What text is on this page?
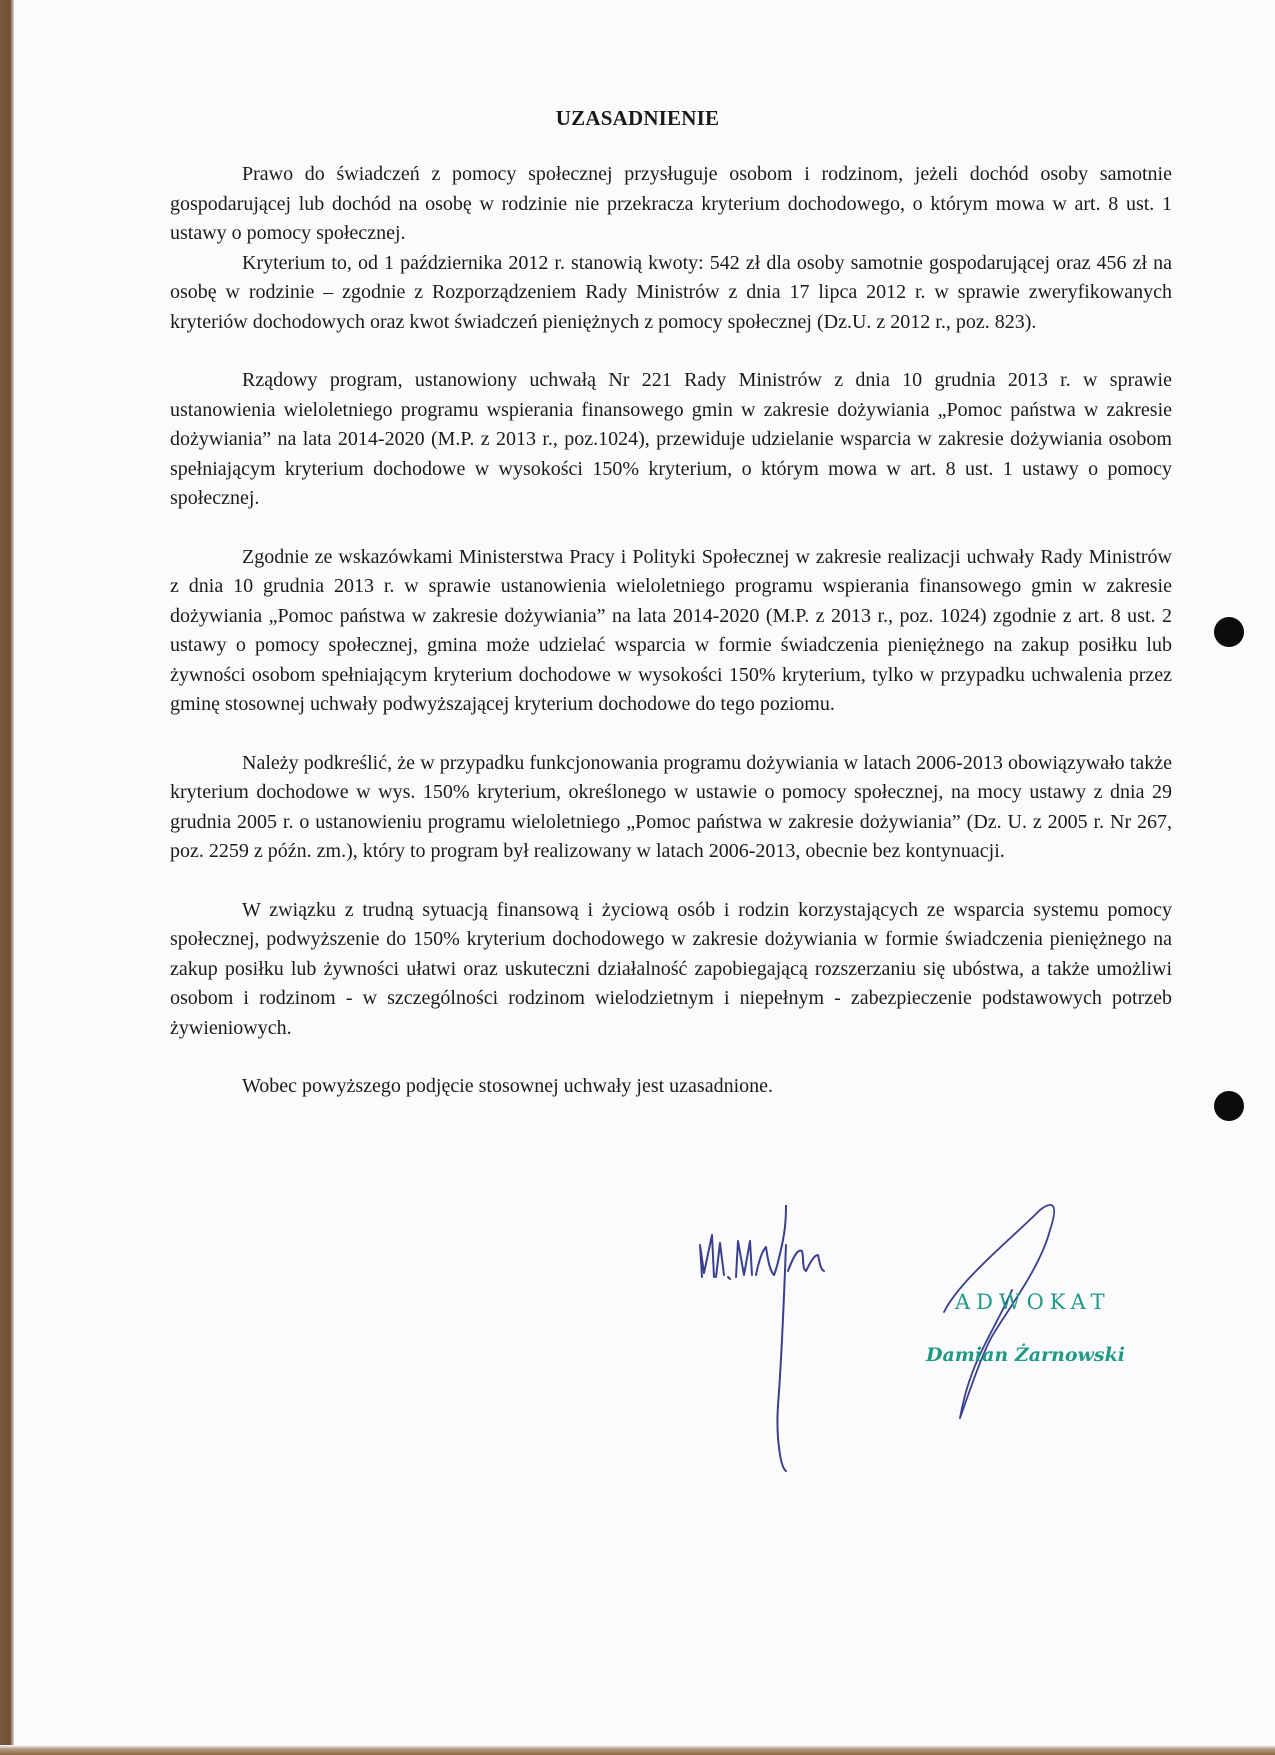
UZASADNIENIE

Prawo do świadczeń z pomocy społecznej przysługuje osobom i rodzinom, jeżeli dochód osoby samotnie gospodarującej lub dochód na osobę w rodzinie nie przekracza kryterium dochodowego, o którym mowa w art. 8 ust. 1 ustawy o pomocy społecznej.

Kryterium to, od 1 października 2012 r. stanowią kwoty: 542 zł dla osoby samotnie gospodarującej oraz 456 zł na osobę w rodzinie – zgodnie z Rozporządzeniem Rady Ministrów z dnia 17 lipca 2012 r. w sprawie zweryfikowanych kryteriów dochodowych oraz kwot świadczeń pieniężnych z pomocy społecznej (Dz.U. z 2012 r., poz. 823).

Rządowy program, ustanowiony uchwałą Nr 221 Rady Ministrów z dnia 10 grudnia 2013 r. w sprawie ustanowienia wieloletniego programu wspierania finansowego gmin w zakresie dożywiania „Pomoc państwa w zakresie dożywiania” na lata 2014-2020 (M.P. z 2013 r., poz.1024), przewiduje udzielanie wsparcia w zakresie dożywiania osobom spełniającym kryterium dochodowe w wysokości 150% kryterium, o którym mowa w art. 8 ust. 1 ustawy o pomocy społecznej.

Zgodnie ze wskazówkami Ministerstwa Pracy i Polityki Społecznej w zakresie realizacji uchwały Rady Ministrów z dnia 10 grudnia 2013 r. w sprawie ustanowienia wieloletniego programu wspierania finansowego gmin w zakresie dożywiania „Pomoc państwa w zakresie dożywiania” na lata 2014-2020 (M.P. z 2013 r., poz. 1024) zgodnie z art. 8 ust. 2 ustawy o pomocy społecznej, gmina może udzielać wsparcia w formie świadczenia pieniężnego na zakup posiłku lub żywności osobom spełniającym kryterium dochodowe w wysokości 150% kryterium, tylko w przypadku uchwalenia przez gminę stosownej uchwały podwyższającej kryterium dochodowe do tego poziomu.

Należy podkreślić, że w przypadku funkcjonowania programu dożywiania w latach 2006-2013 obowiązywało także kryterium dochodowe w wys. 150% kryterium, określonego w ustawie o pomocy społecznej, na mocy ustawy z dnia 29 grudnia 2005 r. o ustanowieniu programu wieloletniego „Pomoc państwa w zakresie dożywiania” (Dz. U. z 2005 r. Nr 267, poz. 2259 z późn. zm.), który to program był realizowany w latach 2006-2013, obecnie bez kontynuacji.

W związku z trudną sytuacją finansową i życiową osób i rodzin korzystających ze wsparcia systemu pomocy społecznej, podwyższenie do 150% kryterium dochodowego w zakresie dożywiania w formie świadczenia pieniężnego na zakup posiłku lub żywności ułatwi oraz uskuteczni działalność zapobiegającą rozszerzaniu się ubóstwa, a także umożliwi osobom i rodzinom - w szczególności rodzinom wielodzietnym i niepełnym - zabezpieczenie podstawowych potrzeb żywieniowych.

Wobec powyższego podjęcie stosownej uchwały jest uzasadnione.

ADWOKAT
Damian Żarnowski
